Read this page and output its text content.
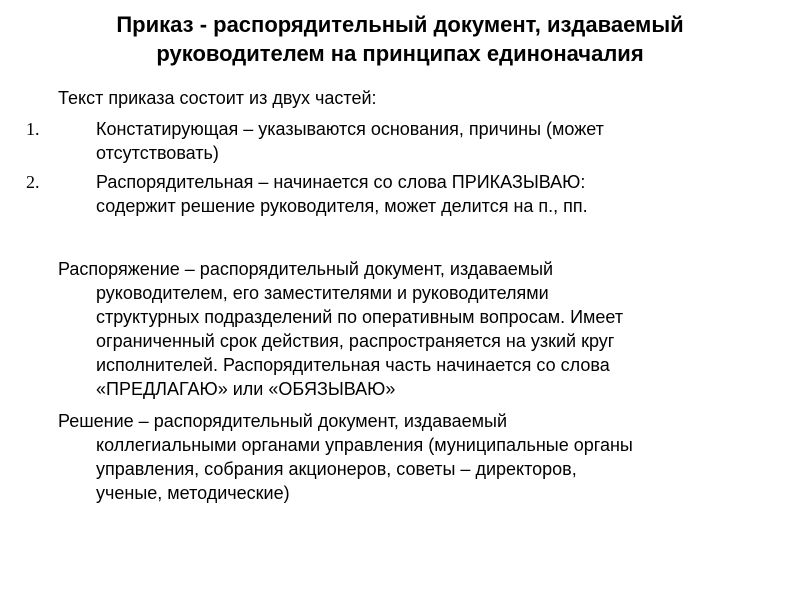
Приказ - распорядительный документ, издаваемый
руководителем на принципах единоначалия
Текст приказа состоит из двух частей:
1.	Констатирующая – указываются основания, причины (может
отсутствовать)
2.	Распорядительная – начинается со слова ПРИКАЗЫВАЮ:
содержит решение руководителя, может делится на п., пп.
Распоряжение – распорядительный документ, издаваемый
руководителем, его заместителями и руководителями
структурных подразделений по оперативным вопросам. Имеет
ограниченный срок действия, распространяется на узкий круг
исполнителей. Распорядительная часть начинается со слова
«ПРЕДЛАГАЮ» или «ОБЯЗЫВАЮ»
Решение – распорядительный документ, издаваемый
коллегиальными органами управления (муниципальные органы
управления, собрания акционеров, советы – директоров,
ученые, методические)
